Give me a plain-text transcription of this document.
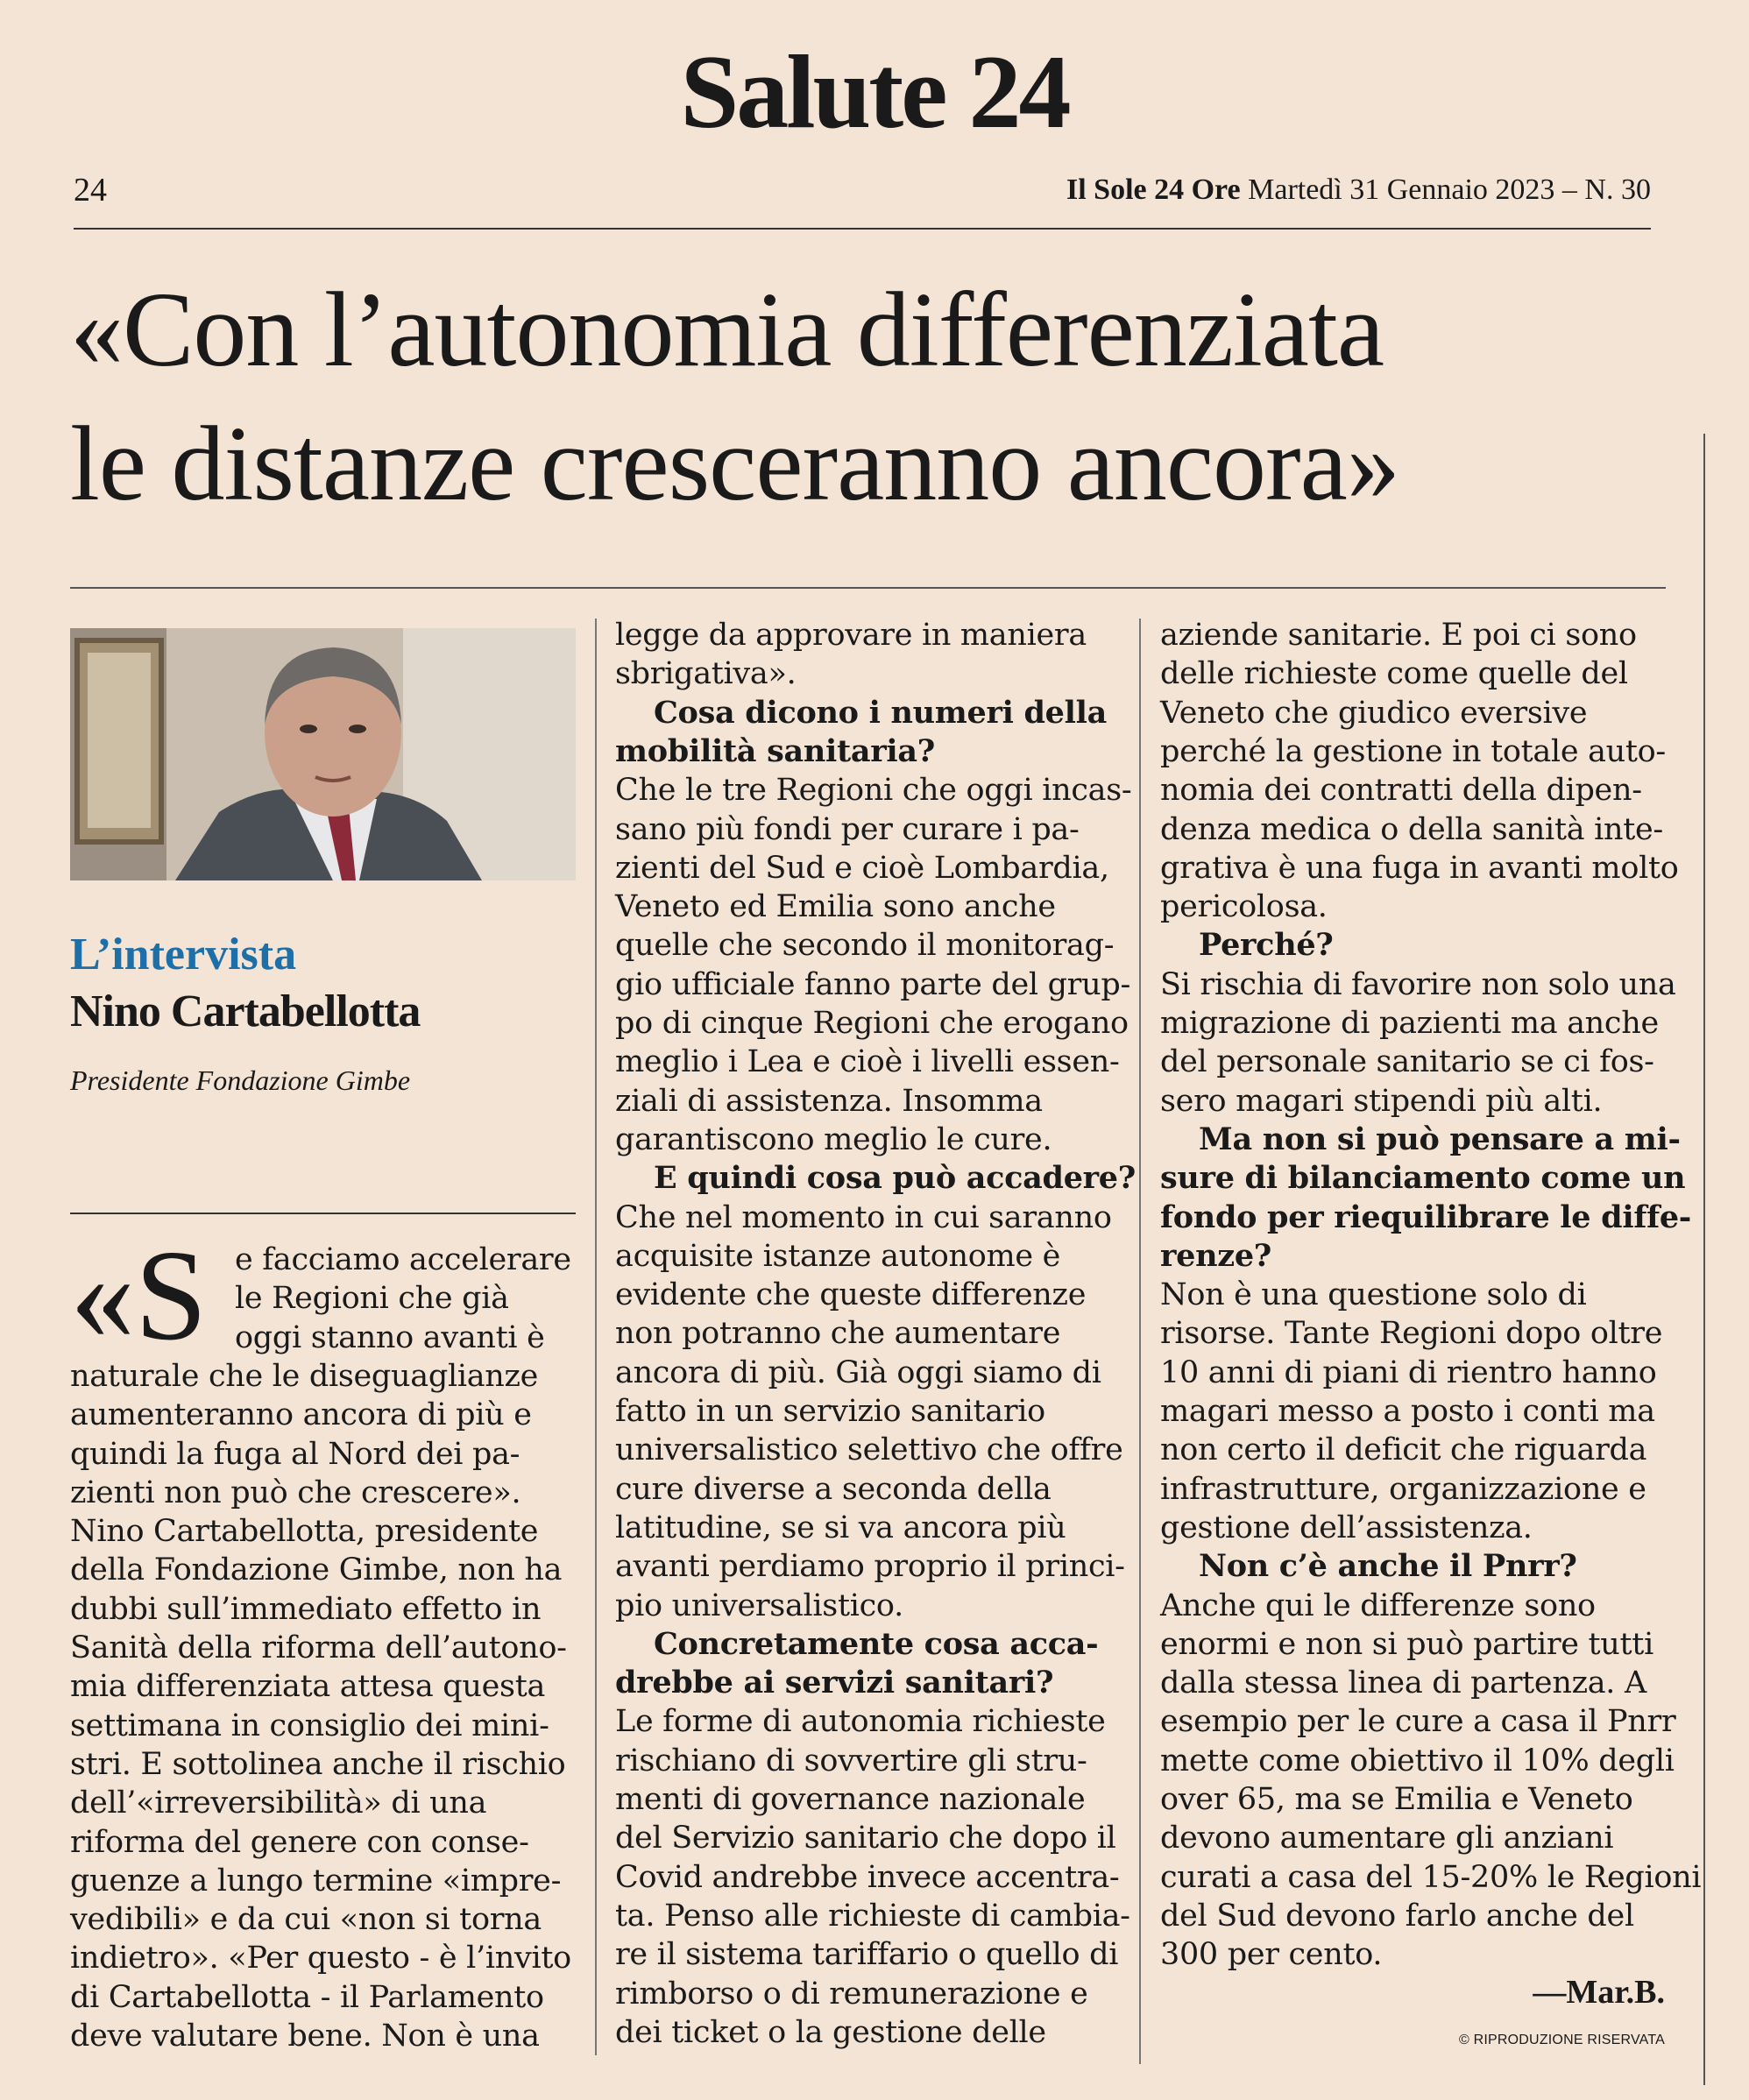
Salute 24
24	Il Sole 24 Ore Martedì 31 Gennaio 2023 – N. 30
«Con l’autonomia differenziata
le distanze cresceranno ancora»
L’intervista
Nino Cartabellotta
Presidente Fondazione Gimbe
«S e facciamo accelerare
le Regioni che già
oggi stanno avanti è
naturale che le diseguaglianze
aumenteranno ancora di più e
quindi la fuga al Nord dei pa-
zienti non può che crescere».
Nino Cartabellotta, presidente
della Fondazione Gimbe, non ha
dubbi sull’immediato effetto in
Sanità della riforma dell’autono-
mia differenziata attesa questa
settimana in consiglio dei mini-
stri. E sottolinea anche il rischio
dell’«irreversibilità» di una
riforma del genere con conse-
guenze a lungo termine «impre-
vedibili» e da cui «non si torna
indietro». «Per questo - è l’invito
di Cartabellotta - il Parlamento
deve valutare bene. Non è una
legge da approvare in maniera
sbrigativa».
Cosa dicono i numeri della
mobilità sanitaria?
Che le tre Regioni che oggi incas-
sano più fondi per curare i pa-
zienti del Sud e cioè Lombardia,
Veneto ed Emilia sono anche
quelle che secondo il monitorag-
gio ufficiale fanno parte del grup-
po di cinque Regioni che erogano
meglio i Lea e cioè i livelli essen-
ziali di assistenza. Insomma
garantiscono meglio le cure.
E quindi cosa può accadere?
Che nel momento in cui saranno
acquisite istanze autonome è
evidente che queste differenze
non potranno che aumentare
ancora di più. Già oggi siamo di
fatto in un servizio sanitario
universalistico selettivo che offre
cure diverse a seconda della
latitudine, se si va ancora più
avanti perdiamo proprio il princi-
pio universalistico.
Concretamente cosa acca-
drebbe ai servizi sanitari?
Le forme di autonomia richieste
rischiano di sovvertire gli stru-
menti di governance nazionale
del Servizio sanitario che dopo il
Covid andrebbe invece accentra-
ta. Penso alle richieste di cambia-
re il sistema tariffario o quello di
rimborso o di remunerazione e
dei ticket o la gestione delle
aziende sanitarie. E poi ci sono
delle richieste come quelle del
Veneto che giudico eversive
perché la gestione in totale auto-
nomia dei contratti della dipen-
denza medica o della sanità inte-
grativa è una fuga in avanti molto
pericolosa.
Perché?
Si rischia di favorire non solo una
migrazione di pazienti ma anche
del personale sanitario se ci fos-
sero magari stipendi più alti.
Ma non si può pensare a mi-
sure di bilanciamento come un
fondo per riequilibrare le diffe-
renze?
Non è una questione solo di
risorse. Tante Regioni dopo oltre
10 anni di piani di rientro hanno
magari messo a posto i conti ma
non certo il deficit che riguarda
infrastrutture, organizzazione e
gestione dell’assistenza.
Non c’è anche il Pnrr?
Anche qui le differenze sono
enormi e non si può partire tutti
dalla stessa linea di partenza. A
esempio per le cure a casa il Pnrr
mette come obiettivo il 10% degli
over 65, ma se Emilia e Veneto
devono aumentare gli anziani
curati a casa del 15-20% le Regioni
del Sud devono farlo anche del
300 per cento.
—Mar.B.
© RIPRODUZIONE RISERVATA
